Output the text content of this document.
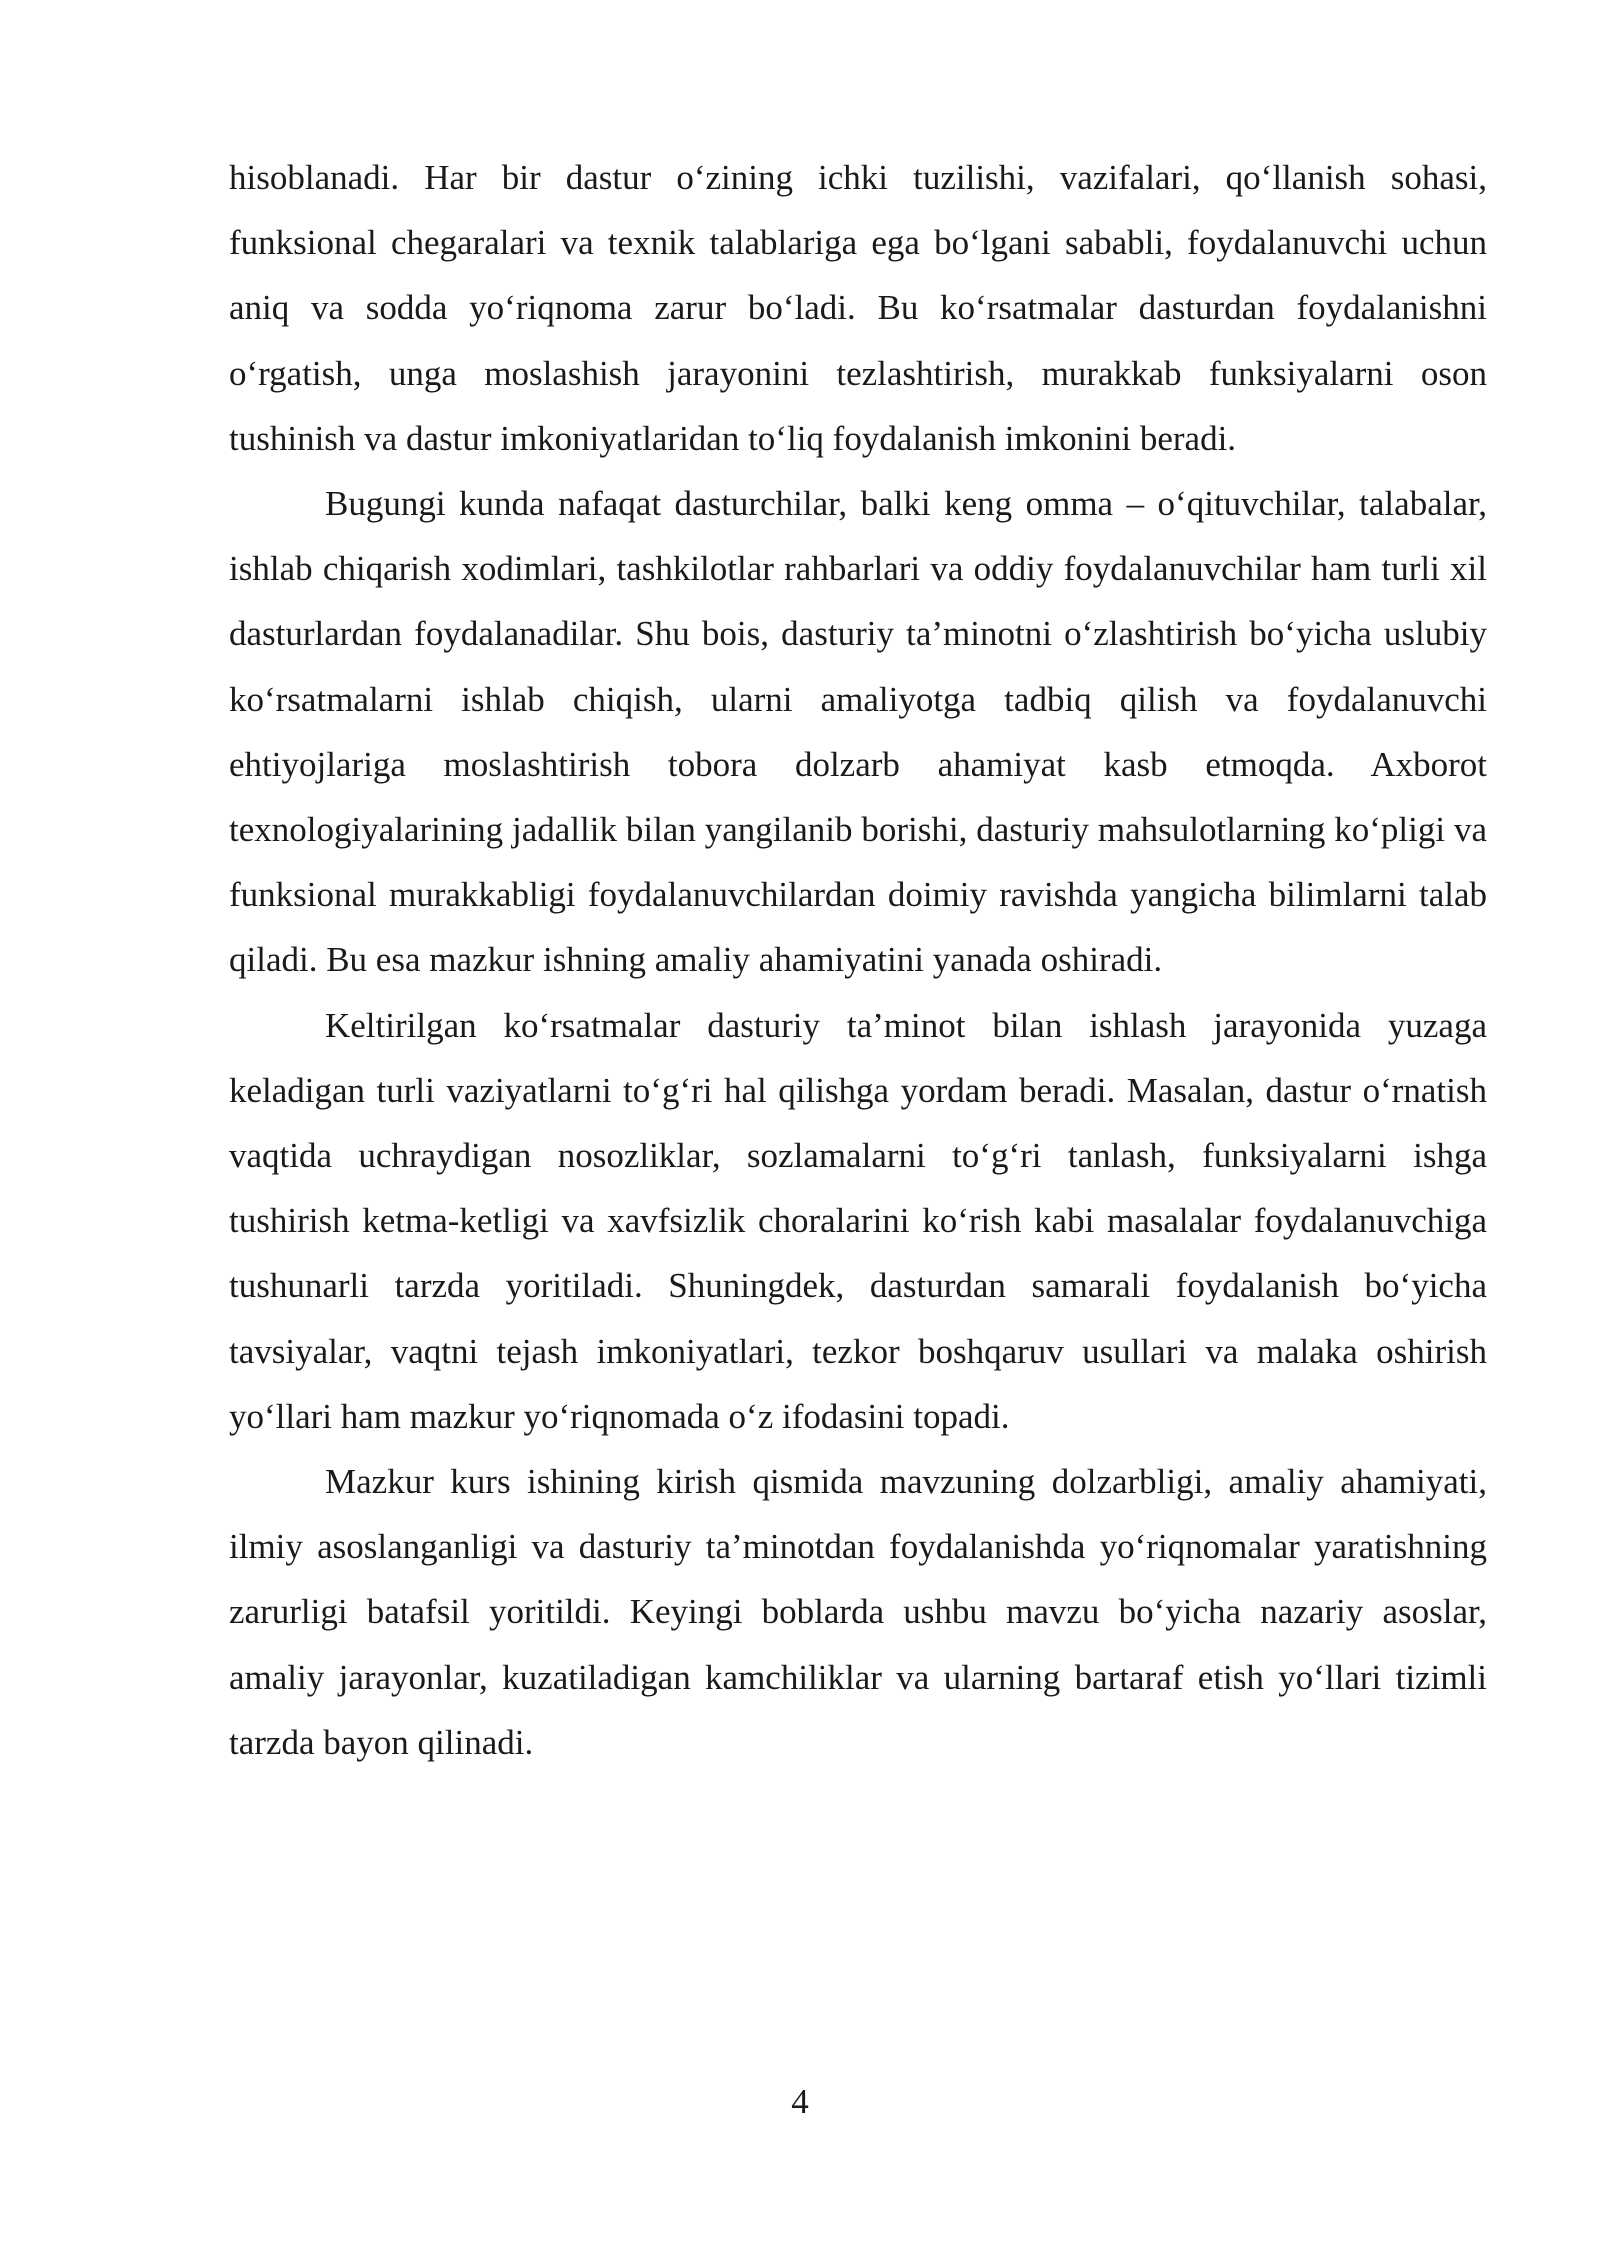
hisoblanadi. Har bir dastur o‘zining ichki tuzilishi, vazifalari, qo‘llanish sohasi, funksional chegaralari va texnik talablariga ega bo‘lgani sababli, foydalanuvchi uchun aniq va sodda yo‘riqnoma zarur bo‘ladi. Bu ko‘rsatmalar dasturdan foydalanishni o‘rgatish, unga moslashish jarayonini tezlashtirish, murakkab funksiyalarni oson tushinish va dastur imkoniyatlaridan to‘liq foydalanish imkonini beradi.

Bugungi kunda nafaqat dasturchilar, balki keng omma – o‘qituvchilar, talabalar, ishlab chiqarish xodimlari, tashkilotlar rahbarlari va oddiy foydalanuvchilar ham turli xil dasturlardan foydalanadilar. Shu bois, dasturiy ta’minotni o‘zlashtirish bo‘yicha uslubiy ko‘rsatmalarni ishlab chiqish, ularni amaliyotga tadbiq qilish va foydalanuvchi ehtiyojlariga moslashtirish tobora dolzarb ahamiyat kasb etmoqda. Axborot texnologiyalarining jadallik bilan yangilanib borishi, dasturiy mahsulotlarning ko‘pligi va funksional murakkabligi foydalanuvchilardan doimiy ravishda yangicha bilimlarni talab qiladi. Bu esa mazkur ishning amaliy ahamiyatini yanada oshiradi.

Keltirilgan ko‘rsatmalar dasturiy ta’minot bilan ishlash jarayonida yuzaga keladigan turli vaziyatlarni to‘g‘ri hal qilishga yordam beradi. Masalan, dastur o‘rnatish vaqtida uchraydigan nosozliklar, sozlamalarni to‘g‘ri tanlash, funksiyalarni ishga tushirish ketma-ketligi va xavfsizlik choralarini ko‘rish kabi masalalar foydalanuvchiga tushunarli tarzda yoritiladi. Shuningdek, dasturdan samarali foydalanish bo‘yicha tavsiyalar, vaqtni tejash imkoniyatlari, tezkor boshqaruv usullari va malaka oshirish yo‘llari ham mazkur yo‘riqnomada o‘z ifodasini topadi.

Mazkur kurs ishining kirish qismida mavzuning dolzarbligi, amaliy ahamiyati, ilmiy asoslanganligi va dasturiy ta’minotdan foydalanishda yo‘riqnomalar yaratishning zarurligi batafsil yoritildi. Keyingi boblarda ushbu mavzu bo‘yicha nazariy asoslar, amaliy jarayonlar, kuzatiladigan kamchiliklar va ularning bartaraf etish yo‘llari tizimli tarzda bayon qilinadi.

4
